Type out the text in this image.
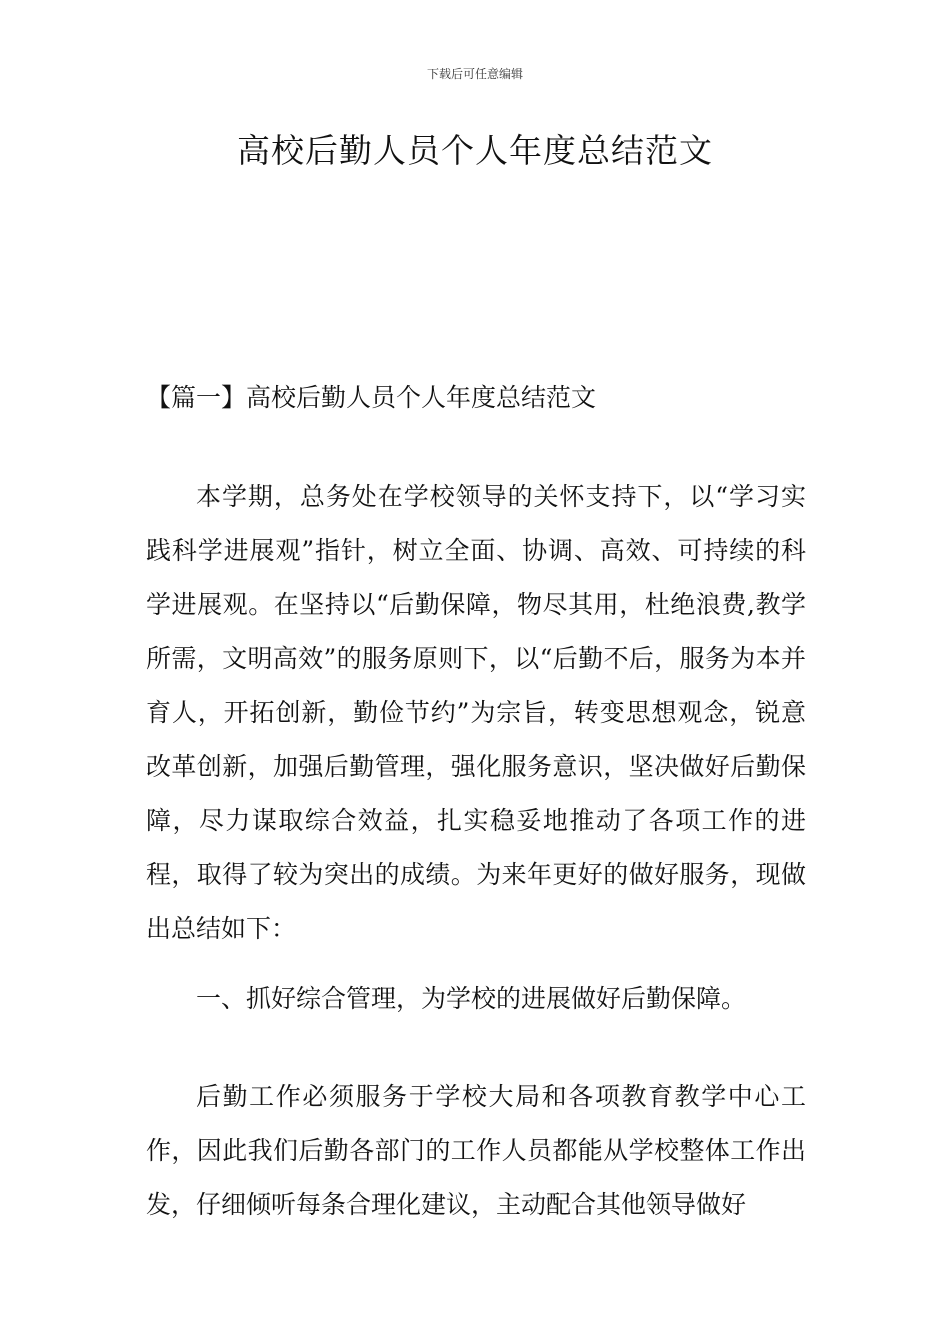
下载后可任意编辑
高校后勤人员个人年度总结范文
【篇一】高校后勤人员个人年度总结范文

本学期，总务处在学校领导的关怀支持下，以“学习实践科学进展观”指针，树立全面、协调、高效、可持续的科学进展观。在坚持以“后勤保障，物尽其用，杜绝浪费,教学所需，文明高效”的服务原则下，以“后勤不后，服务为本并育人，开拓创新，勤俭节约”为宗旨，转变思想观念，锐意改革创新，加强后勤管理，强化服务意识，坚决做好后勤保障，尽力谋取综合效益，扎实稳妥地推动了各项工作的进程，取得了较为突出的成绩。为来年更好的做好服务，现做出总结如下：

一、抓好综合管理，为学校的进展做好后勤保障。

后勤工作必须服务于学校大局和各项教育教学中心工作，因此我们后勤各部门的工作人员都能从学校整体工作出发，仔细倾听每条合理化建议，主动配合其他领导做好
